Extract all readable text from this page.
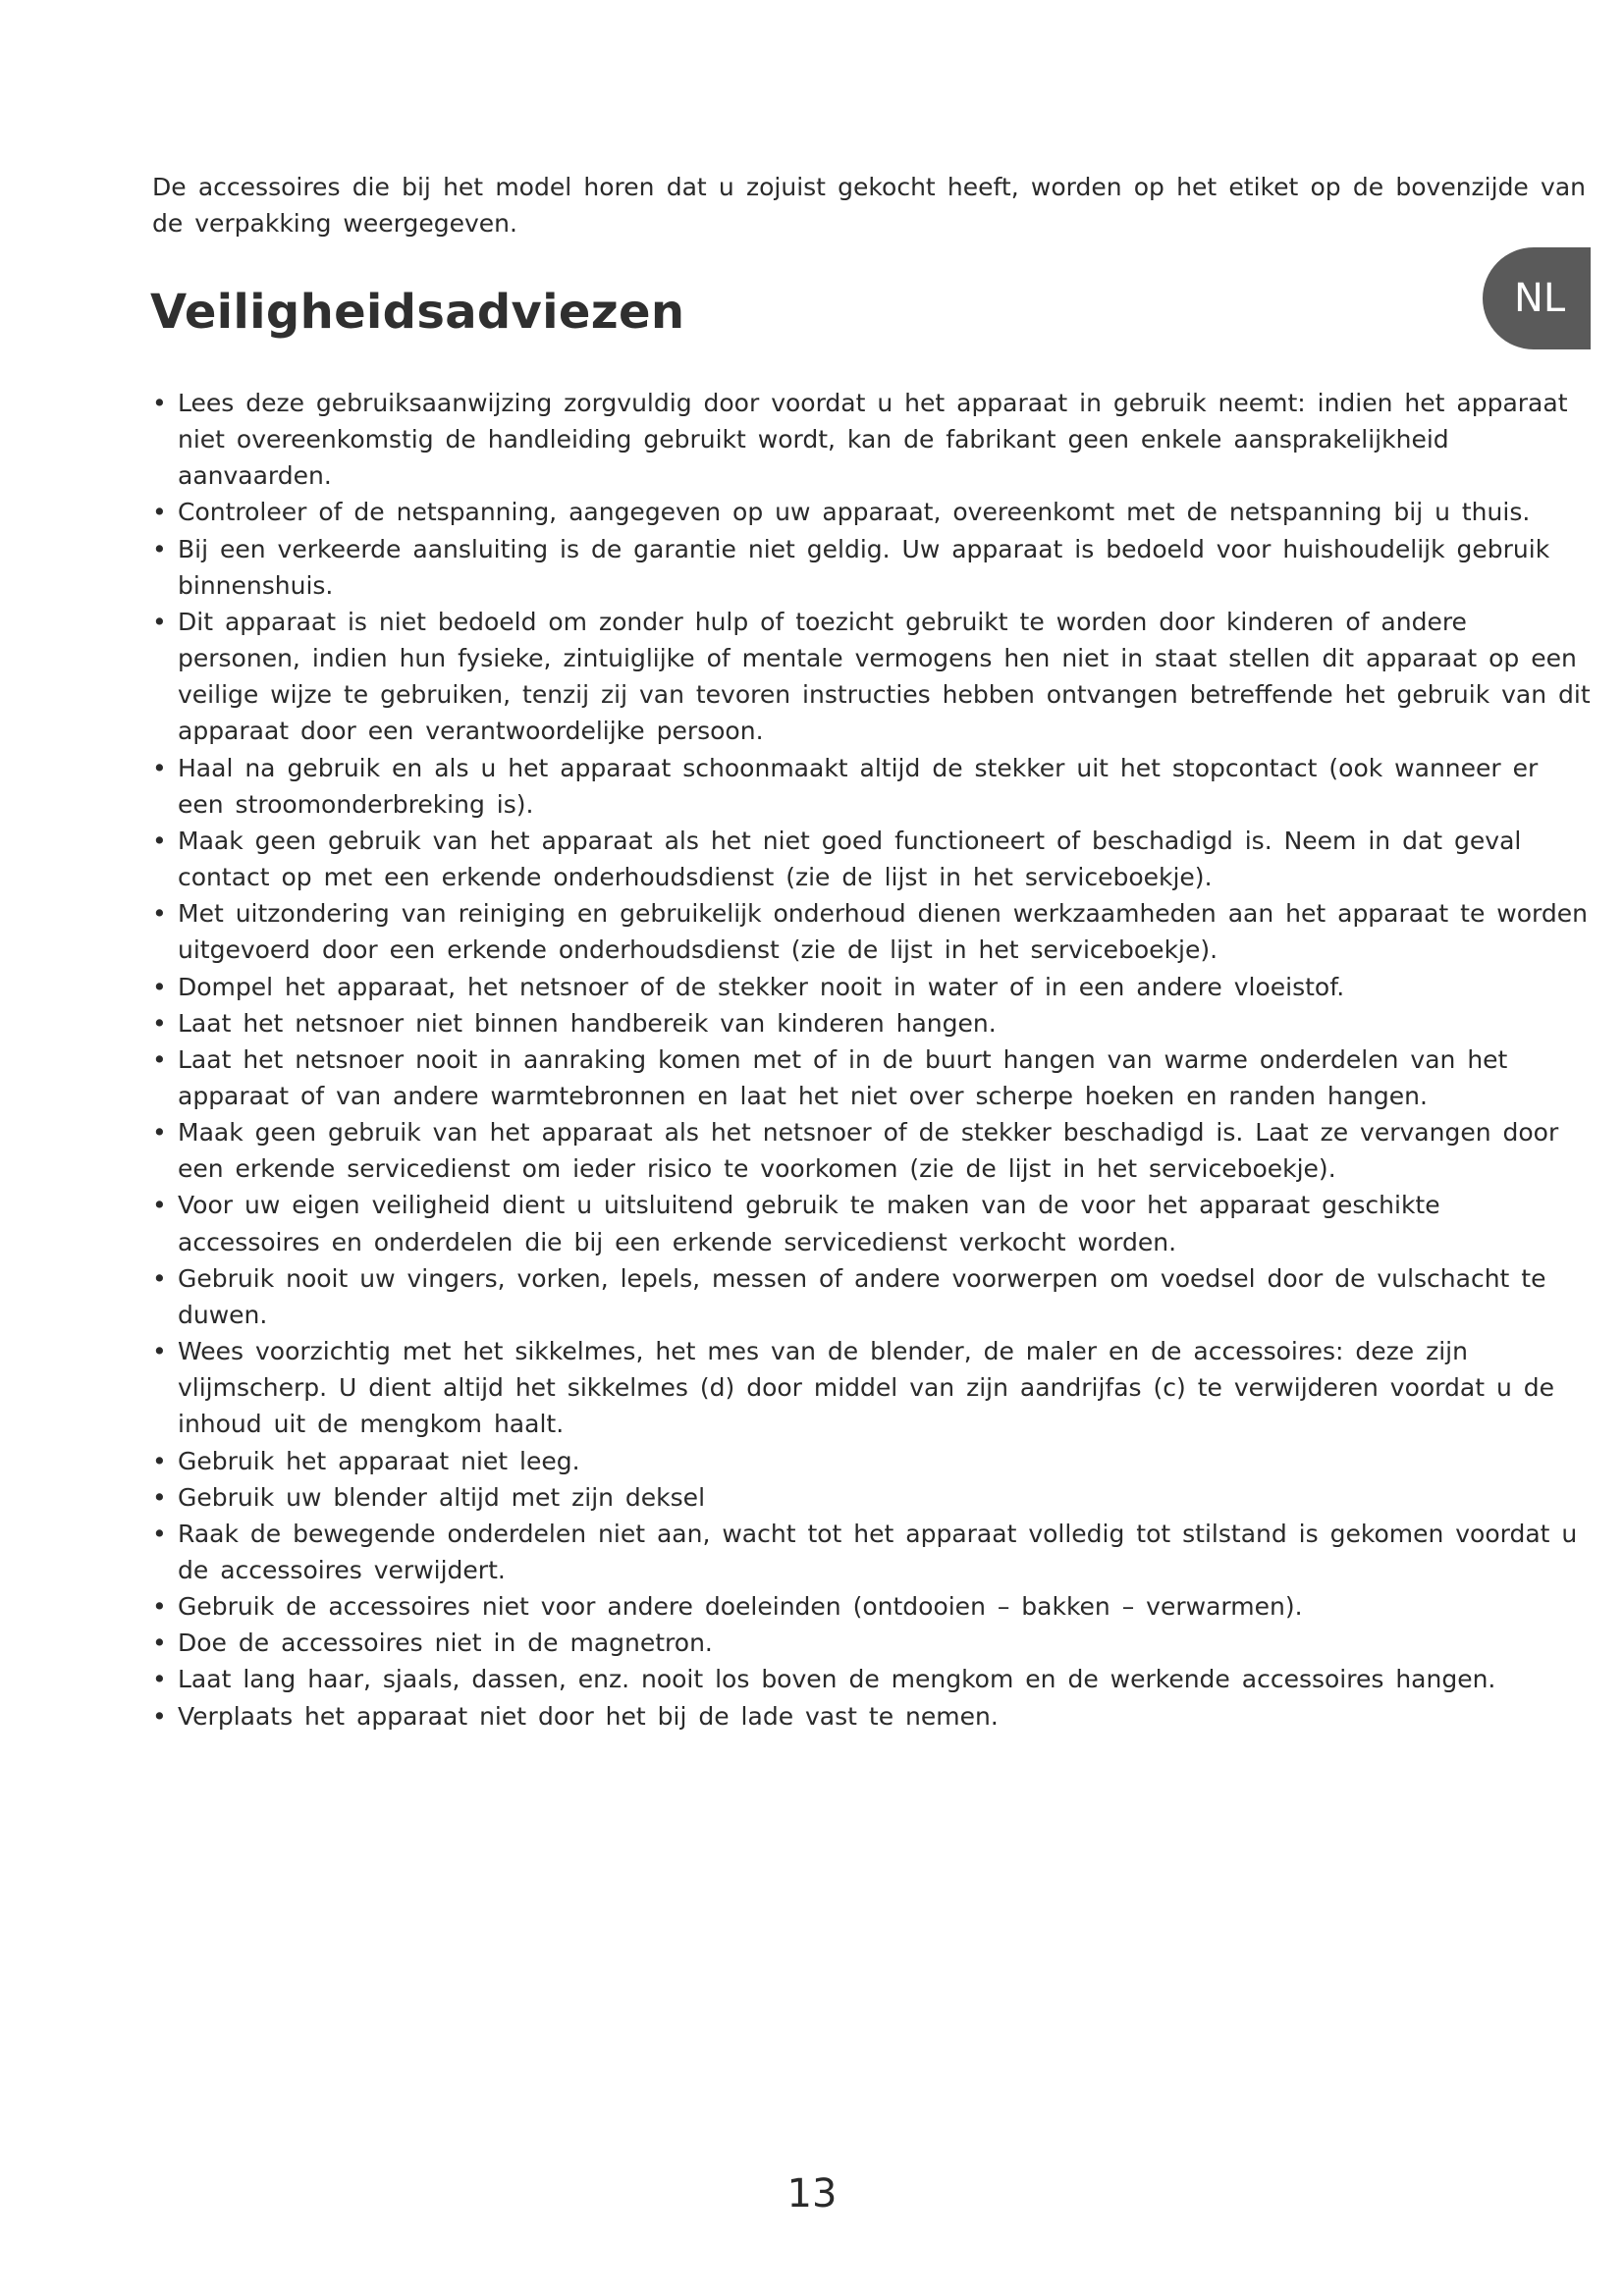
De accessoires die bij het model horen dat u zojuist gekocht heeft, worden op het etiket op de bovenzijde van de verpakking weergegeven.

Veiligheidsadviezen	NL
• Lees deze gebruiksaanwijzing zorgvuldig door voordat u het apparaat in gebruik neemt: indien het apparaat niet overeenkomstig de handleiding gebruikt wordt, kan de fabrikant geen enkele aansprakelijkheid aanvaarden.
• Controleer of de netspanning, aangegeven op uw apparaat, overeenkomt met de netspanning bij u thuis.
• Bij een verkeerde aansluiting is de garantie niet geldig. Uw apparaat is bedoeld voor huishoudelijk gebruik binnenshuis.
• Dit apparaat is niet bedoeld om zonder hulp of toezicht gebruikt te worden door kinderen of andere personen, indien hun fysieke, zintuiglijke of mentale vermogens hen niet in staat stellen dit apparaat op een veilige wijze te gebruiken, tenzij zij van tevoren instructies hebben ontvangen betreffende het gebruik van dit apparaat door een verantwoordelijke persoon.
• Haal na gebruik en als u het apparaat schoonmaakt altijd de stekker uit het stopcontact (ook wanneer er een stroomonderbreking is).
• Maak geen gebruik van het apparaat als het niet goed functioneert of beschadigd is. Neem in dat geval contact op met een erkende onderhoudsdienst (zie de lijst in het serviceboekje).
• Met uitzondering van reiniging en gebruikelijk onderhoud dienen werkzaamheden aan het apparaat te worden uitgevoerd door een erkende onderhoudsdienst (zie de lijst in het serviceboekje).
• Dompel het apparaat, het netsnoer of de stekker nooit in water of in een andere vloeistof.
• Laat het netsnoer niet binnen handbereik van kinderen hangen.
• Laat het netsnoer nooit in aanraking komen met of in de buurt hangen van warme onderdelen van het apparaat of van andere warmtebronnen en laat het niet over scherpe hoeken en randen hangen.
• Maak geen gebruik van het apparaat als het netsnoer of de stekker beschadigd is. Laat ze vervangen door een erkende servicedienst om ieder risico te voorkomen (zie de lijst in het serviceboekje).
• Voor uw eigen veiligheid dient u uitsluitend gebruik te maken van de voor het apparaat geschikte accessoires en onderdelen die bij een erkende servicedienst verkocht worden.
• Gebruik nooit uw vingers, vorken, lepels, messen of andere voorwerpen om voedsel door de vulschacht te duwen.
• Wees voorzichtig met het sikkelmes, het mes van de blender, de maler en de accessoires: deze zijn vlijmscherp. U dient altijd het sikkelmes (d) door middel van zijn aandrijfas (c) te verwijderen voordat u de inhoud uit de mengkom haalt.
• Gebruik het apparaat niet leeg.
• Gebruik uw blender altijd met zijn deksel
• Raak de bewegende onderdelen niet aan, wacht tot het apparaat volledig tot stilstand is gekomen voordat u de accessoires verwijdert.
• Gebruik de accessoires niet voor andere doeleinden (ontdooien – bakken – verwarmen).
• Doe de accessoires niet in de magnetron.
• Laat lang haar, sjaals, dassen, enz. nooit los boven de mengkom en de werkende accessoires hangen.
• Verplaats het apparaat niet door het bij de lade vast te nemen.
13
